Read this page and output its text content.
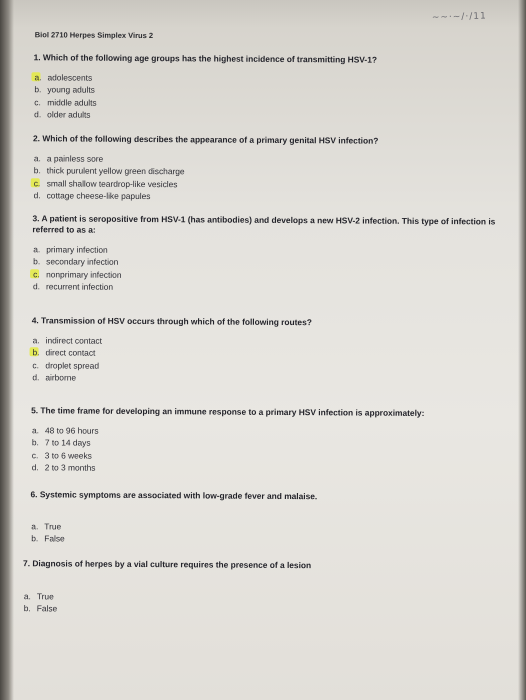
~~·~/·/11
Biol 2710 Herpes Simplex Virus 2
1. Which of the following age groups has the highest incidence of transmitting HSV-1?
a. adolescents
b. young adults
c. middle adults
d. older adults
2. Which of the following describes the appearance of a primary genital HSV infection?
a. a painless sore
b. thick purulent yellow green discharge
c. small shallow teardrop-like vesicles
d. cottage cheese-like papules
3. A patient is seropositive from HSV-1 (has antibodies) and develops a new HSV-2 infection. This type of infection is referred to as a:
a. primary infection
b. secondary infection
c. nonprimary infection
d. recurrent infection
4. Transmission of HSV occurs through which of the following routes?
a. indirect contact
b. direct contact
c. droplet spread
d. airborne
5. The time frame for developing an immune response to a primary HSV infection is approximately:
a. 48 to 96 hours
b. 7 to 14 days
c. 3 to 6 weeks
d. 2 to 3 months
6. Systemic symptoms are associated with low-grade fever and malaise.
a. True
b. False
7. Diagnosis of herpes by a vial culture requires the presence of a lesion
a. True
b. False
